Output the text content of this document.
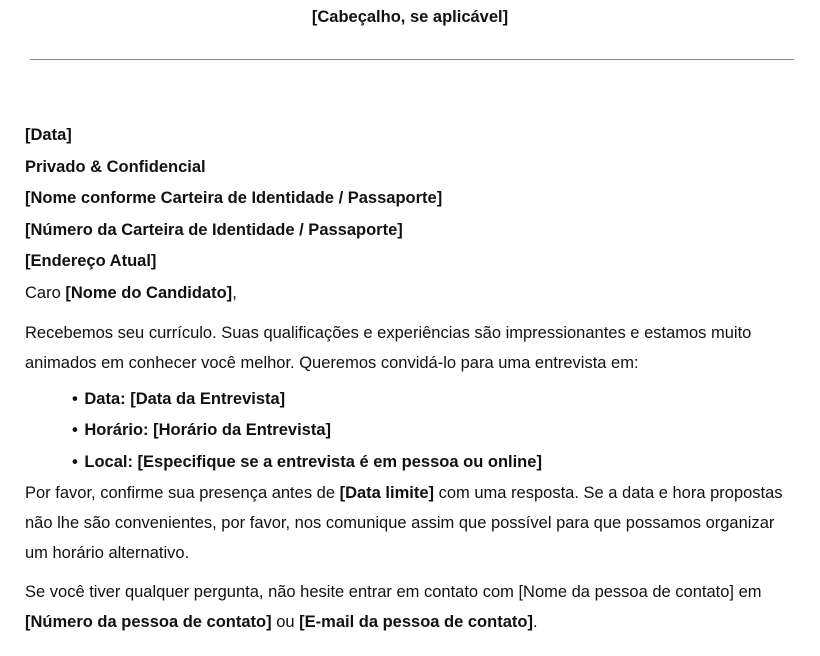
[Cabeçalho, se aplicável]
[Data]
Privado & Confidencial
[Nome conforme Carteira de Identidade / Passaporte]
[Número da Carteira de Identidade / Passaporte]
[Endereço Atual]
Caro [Nome do Candidato],
Recebemos seu currículo. Suas qualificações e experiências são impressionantes e estamos muito animados em conhecer você melhor. Queremos convidá-lo para uma entrevista em:
• Data: [Data da Entrevista]
• Horário: [Horário da Entrevista]
• Local: [Especifique se a entrevista é em pessoa ou online]
Por favor, confirme sua presença antes de [Data limite] com uma resposta. Se a data e hora propostas não lhe são convenientes, por favor, nos comunique assim que possível para que possamos organizar um horário alternativo.
Se você tiver qualquer pergunta, não hesite entrar em contato com [Nome da pessoa de contato] em [Número da pessoa de contato] ou [E-mail da pessoa de contato].
